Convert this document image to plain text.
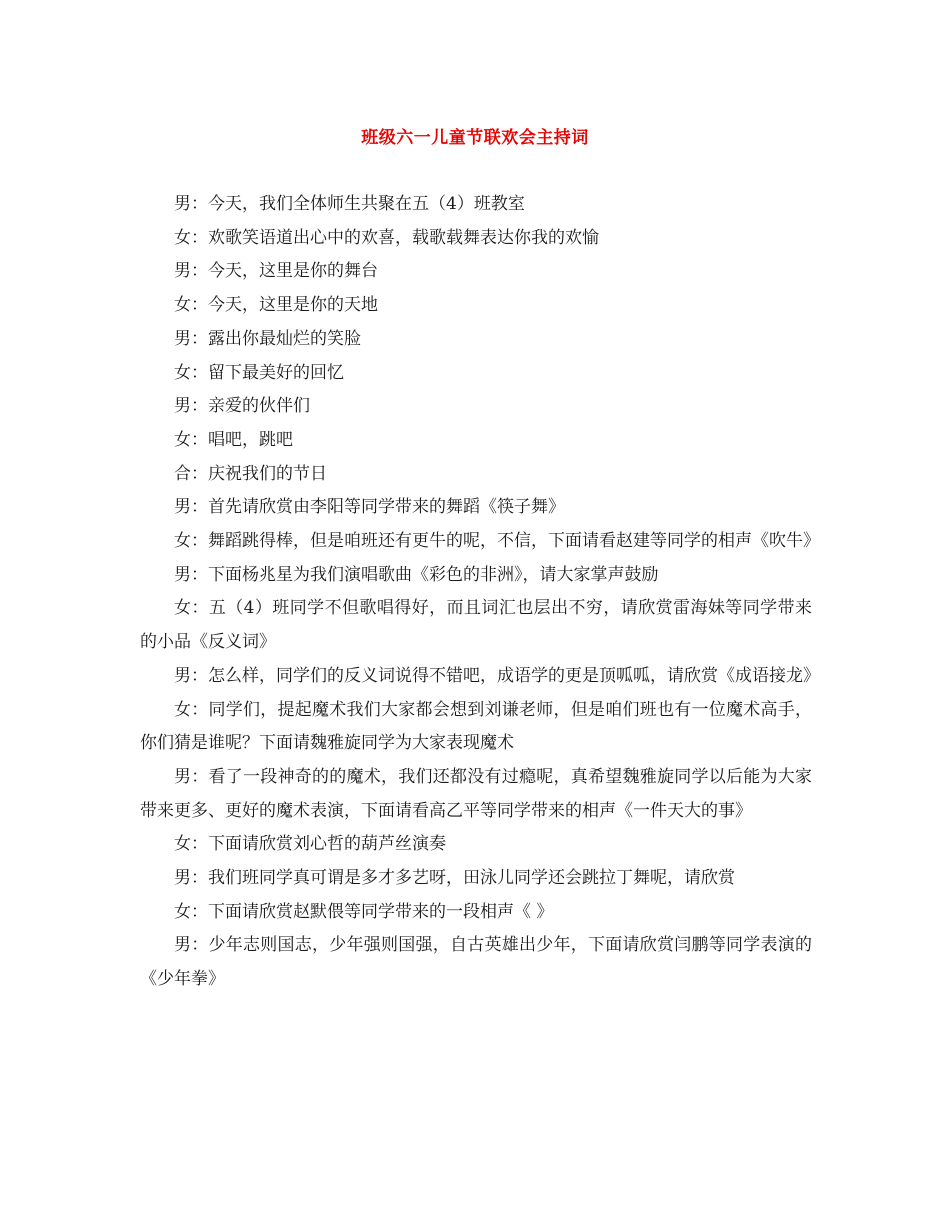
班级六一儿童节联欢会主持词

男：今天，我们全体师生共聚在五（4）班教室

女：欢歌笑语道出心中的欢喜，载歌载舞表达你我的欢愉

男：今天，这里是你的舞台

女：今天，这里是你的天地

男：露出你最灿烂的笑脸

女：留下最美好的回忆

男：亲爱的伙伴们

女：唱吧，跳吧

合：庆祝我们的节日

男：首先请欣赏由李阳等同学带来的舞蹈《筷子舞》

女：舞蹈跳得棒，但是咱班还有更牛的呢，不信，下面请看赵建等同学的相声《吹牛》

男：下面杨兆星为我们演唱歌曲《彩色的非洲》，请大家掌声鼓励

女：五（4）班同学不但歌唱得好，而且词汇也层出不穷，请欣赏雷海妹等同学带来的小品《反义词》

男：怎么样，同学们的反义词说得不错吧，成语学的更是顶呱呱，请欣赏《成语接龙》

女：同学们，提起魔术我们大家都会想到刘谦老师，但是咱们班也有一位魔术高手，你们猜是谁呢？下面请魏雅旋同学为大家表现魔术

男：看了一段神奇的的魔术，我们还都没有过瘾呢，真希望魏雅旋同学以后能为大家带来更多、更好的魔术表演，下面请看高乙平等同学带来的相声《一件天大的事》

女：下面请欣赏刘心哲的葫芦丝演奏

男：我们班同学真可谓是多才多艺呀，田泳儿同学还会跳拉丁舞呢，请欣赏

女：下面请欣赏赵默偎等同学带来的一段相声《 》

男：少年志则国志，少年强则国强，自古英雄出少年，下面请欣赏闫鹏等同学表演的《少年拳》
